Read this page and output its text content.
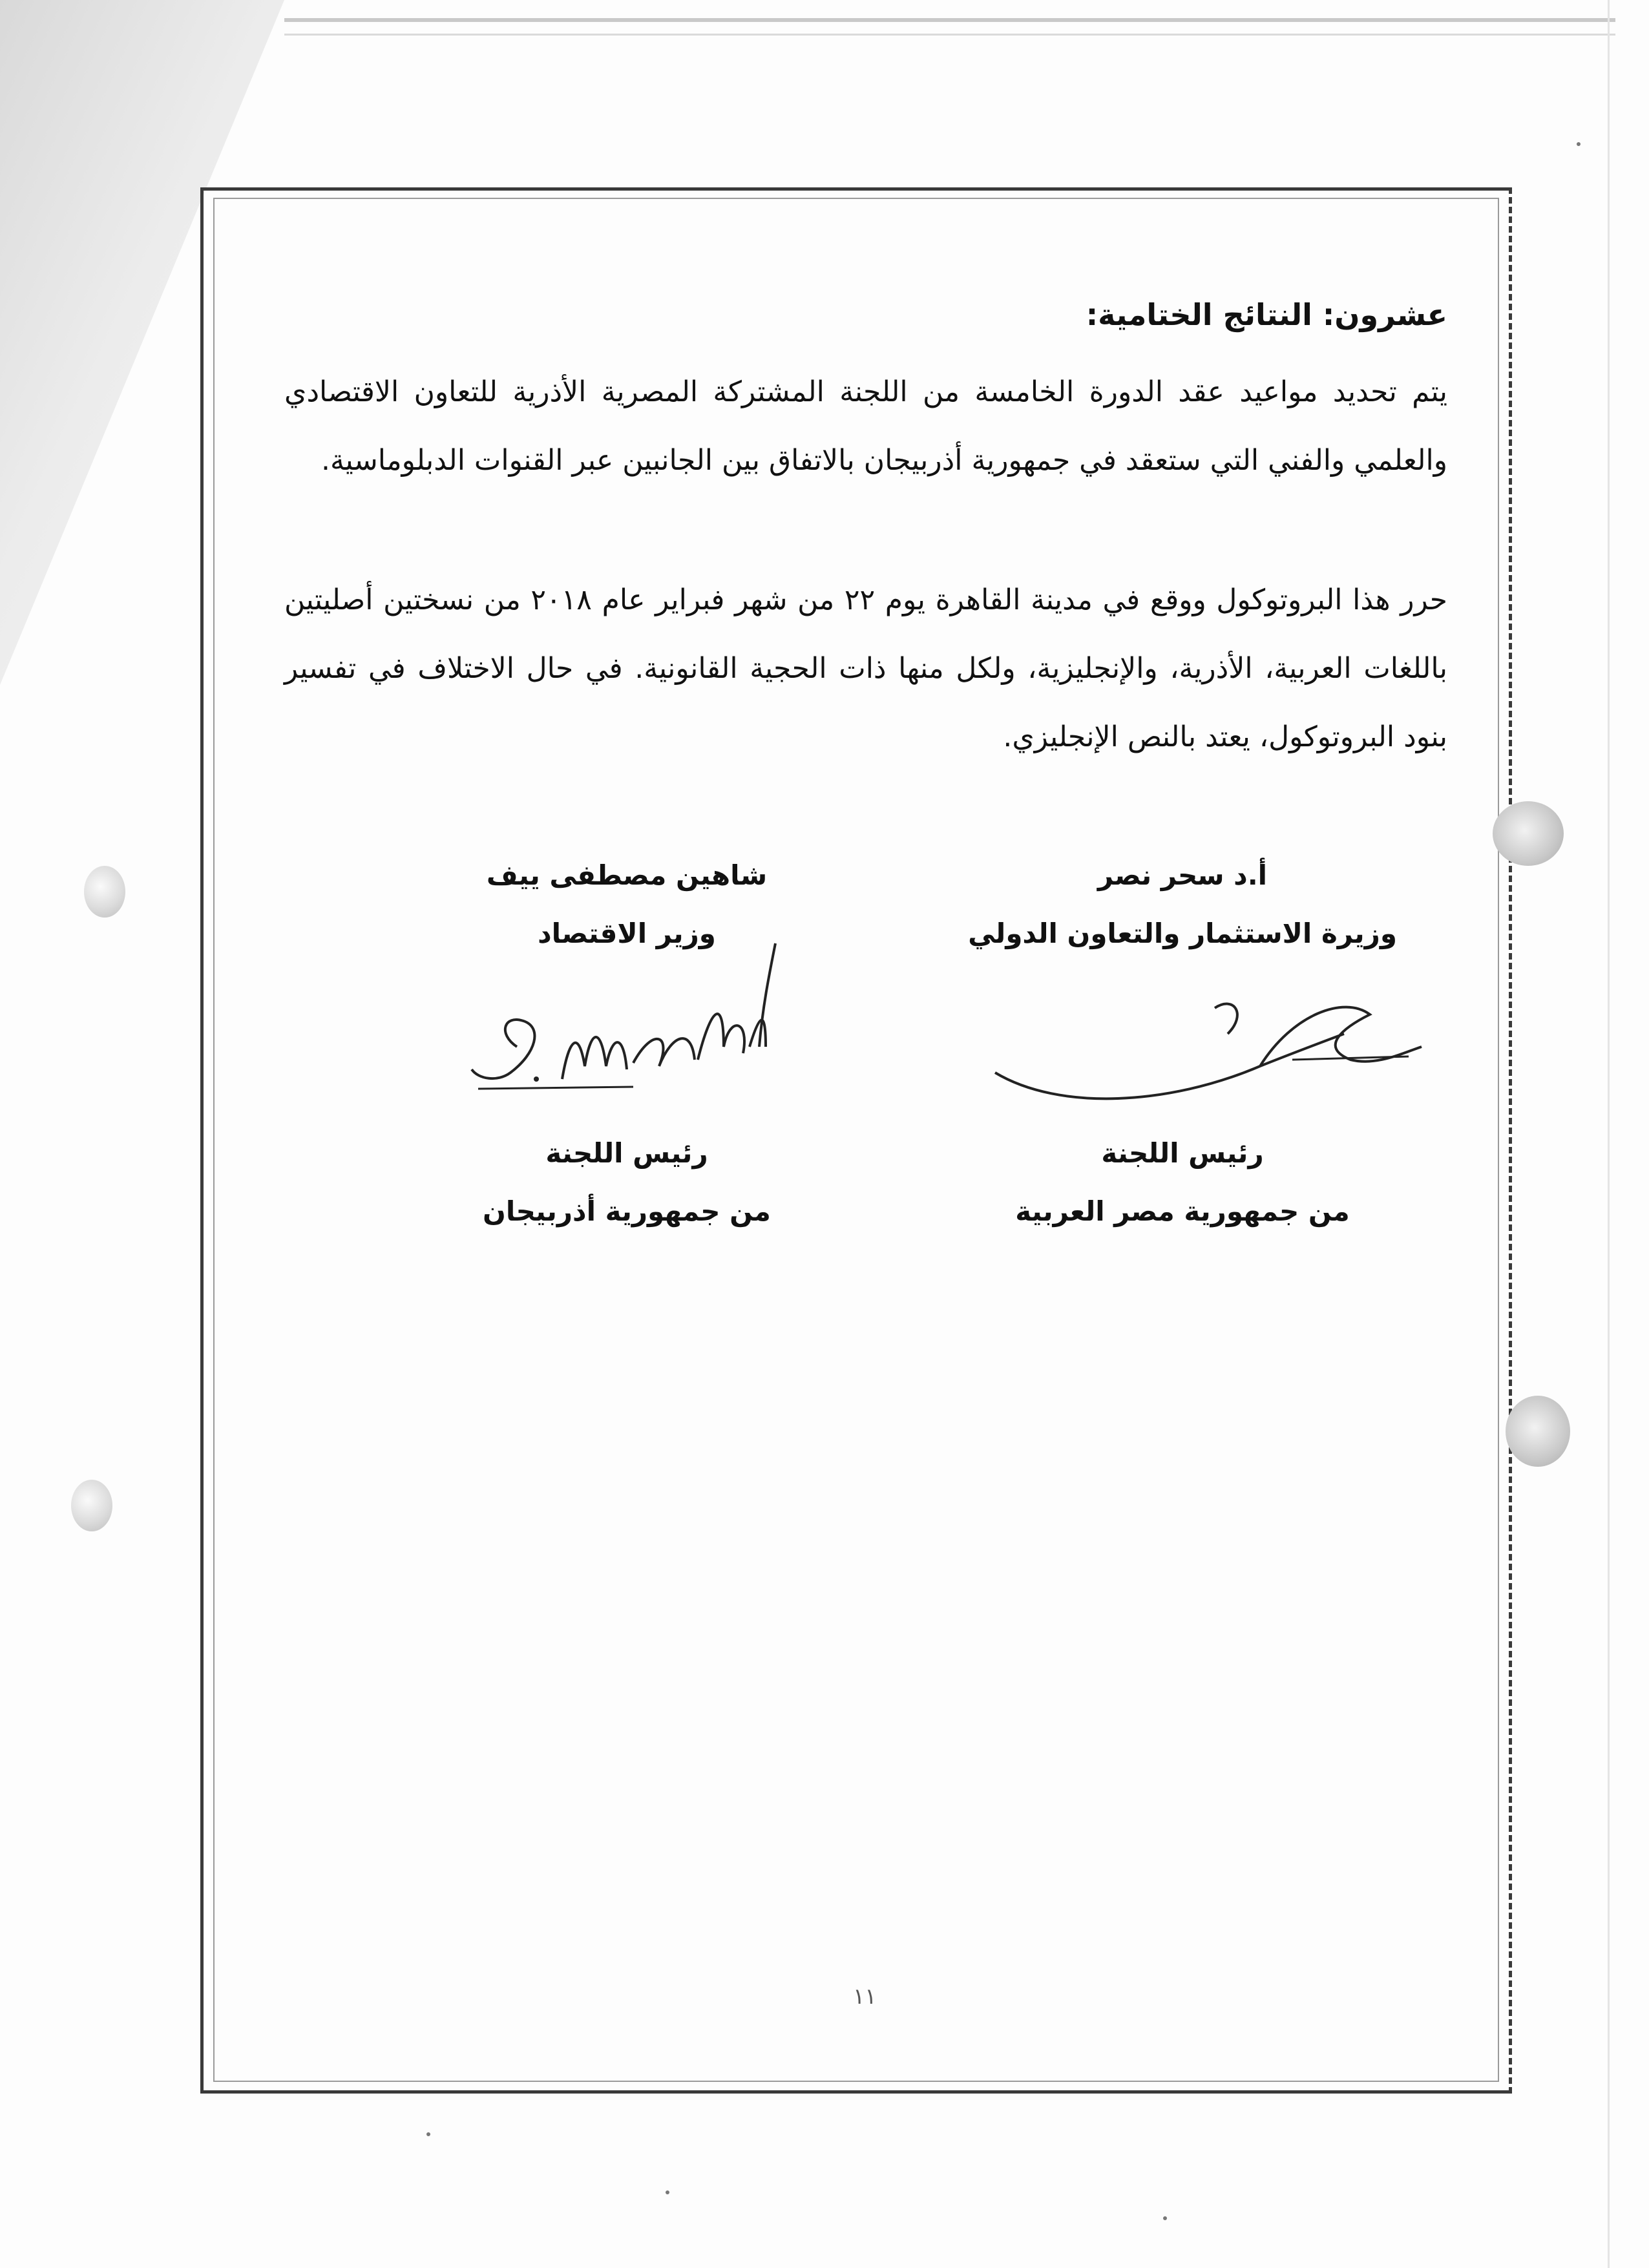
عشرون: النتائج الختامية:

يتم تحديد مواعيد عقد الدورة الخامسة من اللجنة المشتركة المصرية الأذرية للتعاون الاقتصادي والعلمي والفني التي ستعقد في جمهورية أذربيجان بالاتفاق بين الجانبين عبر القنوات الدبلوماسية.

حرر هذا البروتوكول ووقع في مدينة القاهرة يوم ٢٢ من شهر فبراير عام ٢٠١٨ من نسختين أصليتين باللغات العربية، الأذرية، والإنجليزية، ولكل منها ذات الحجية القانونية. في حال الاختلاف في تفسير بنود البروتوكول، يعتد بالنص الإنجليزي.

أ.د سحر نصر

وزيرة الاستثمار والتعاون الدولي

رئيس اللجنة

من جمهورية مصر العربية

شاهين مصطفى ييف

وزير الاقتصاد

رئيس اللجنة

من جمهورية أذربيجان

١١
